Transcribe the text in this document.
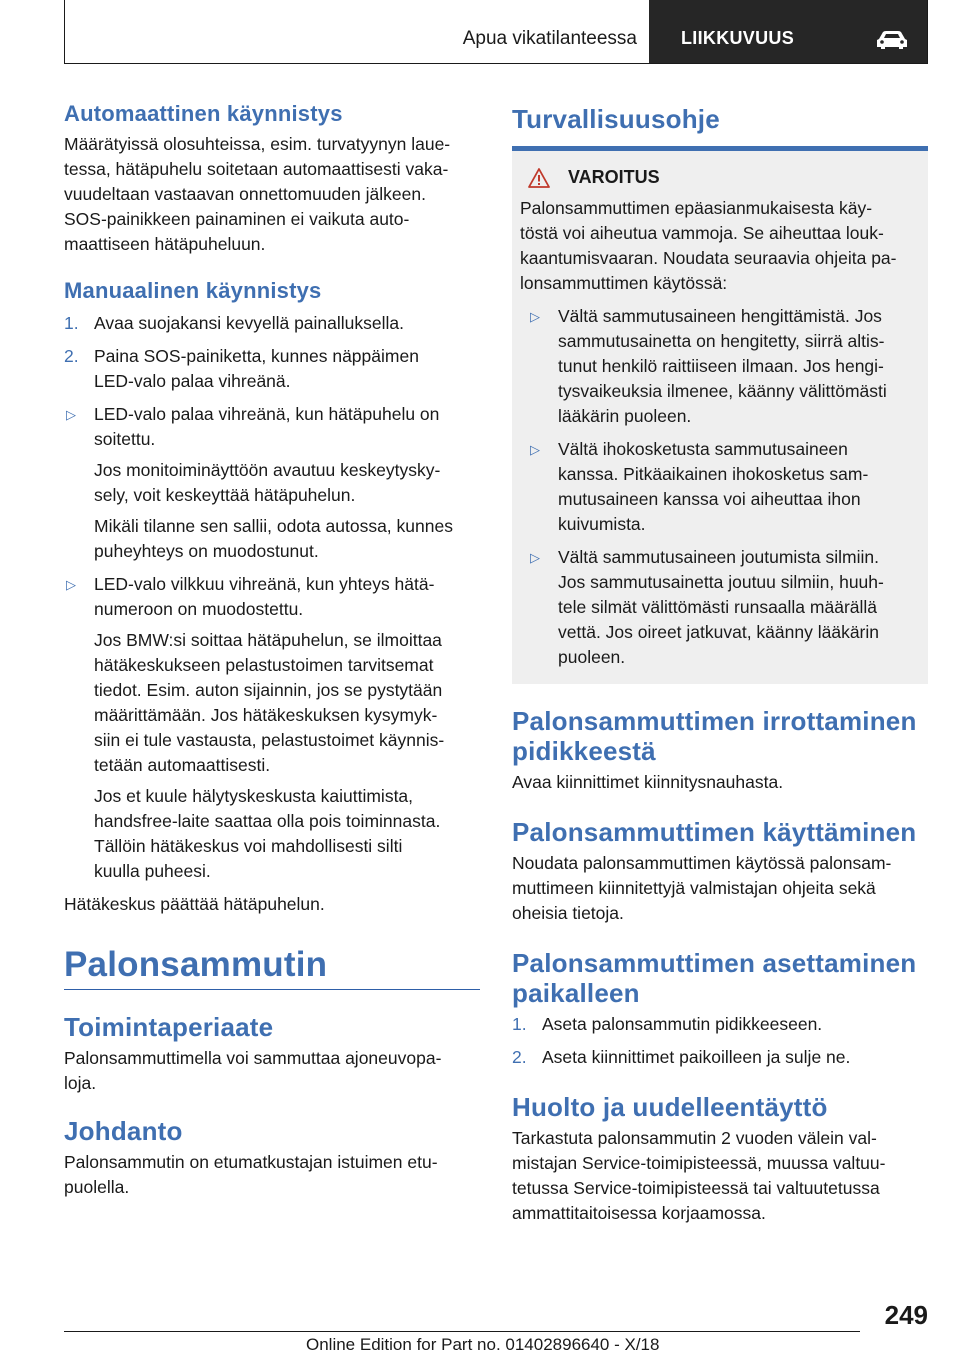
Apua vikatilanteessa LIIKKUVUUS
Automaattinen käynnistys

Määrätyissä olosuhteissa, esim. turvatyynyn laue-
tessa, hätäpuhelu soitetaan automaattisesti vaka-
vuudeltaan vastaavan onnettomuuden jälkeen.
SOS-painikkeen painaminen ei vaikuta auto-
maattiseen hätäpuheluun.

Manuaalinen käynnistys
1. Avaa suojakansi kevyellä painalluksella.
2. Paina SOS-painiketta, kunnes näppäimen
LED-valo palaa vihreänä.
▷ LED-valo palaa vihreänä, kun hätäpuhelu on
soitettu.
Jos monitoiminäyttöön avautuu keskeytysky-
sely, voit keskeyttää hätäpuhelun.
Mikäli tilanne sen sallii, odota autossa, kunnes
puheyhteys on muodostunut.
▷ LED-valo vilkkuu vihreänä, kun yhteys hätä-
numeroon on muodostettu.
Jos BMW:si soittaa hätäpuhelun, se ilmoittaa
hätäkeskukseen pelastustoimen tarvitsemat
tiedot. Esim. auton sijainnin, jos se pystytään
määrittämään. Jos hätäkeskuksen kysymyk-
siin ei tule vastausta, pelastustoimet käynnis-
tetään automaattisesti.
Jos et kuule hälytyskeskusta kaiuttimista,
handsfree-laite saattaa olla pois toiminnasta.
Tällöin hätäkeskus voi mahdollisesti silti
kuulla puheesi.

Hätäkeskus päättää hätäpuhelun.

Palonsammutin
Toimintaperiaate

Palonsammuttimella voi sammuttaa ajoneuvopa-
loja.

Johdanto

Palonsammutin on etumatkustajan istuimen etu-
puolella.

Turvallisuusohje
VAROITUS

Palonsammuttimen epäasianmukaisesta käy-
töstä voi aiheutua vammoja. Se aiheuttaa louk-
kaantumisvaaran. Noudata seuraavia ohjeita pa-
lonsammuttimen käytössä:

▷ Vältä sammutusaineen hengittämistä. Jos
sammutusainetta on hengitetty, siirrä altis-
tunut henkilö raittiiseen ilmaan. Jos hengi-
tysvaikeuksia ilmenee, käänny välittömästi
lääkärin puoleen.
▷ Vältä ihokosketusta sammutusaineen
kanssa. Pitkäaikainen ihokosketus sam-
mutusaineen kanssa voi aiheuttaa ihon
kuivumista.
▷ Vältä sammutusaineen joutumista silmiin.
Jos sammutusainetta joutuu silmiin, huuh-
tele silmät välittömästi runsaalla määrällä
vettä. Jos oireet jatkuvat, käänny lääkärin
puoleen.
Palonsammuttimen irrottaminen
pidikkeestä

Avaa kiinnittimet kiinnitysnauhasta.

Palonsammuttimen käyttäminen

Noudata palonsammuttimen käytössä palonsam-
muttimeen kiinnitettyjä valmistajan ohjeita sekä
oheisia tietoja.

Palonsammuttimen asettaminen
paikalleen
1. Aseta palonsammutin pidikkeeseen.
2. Aseta kiinnittimet paikoilleen ja sulje ne.
Huolto ja uudelleentäyttö

Tarkastuta palonsammutin 2 vuoden välein val-
mistajan Service-toimipisteessä, muussa valtuu-
tetussa Service-toimipisteessä tai valtuutetussa
ammattitaitoisessa korjaamossa.

249
Online Edition for Part no. 01402896640 - X/18
